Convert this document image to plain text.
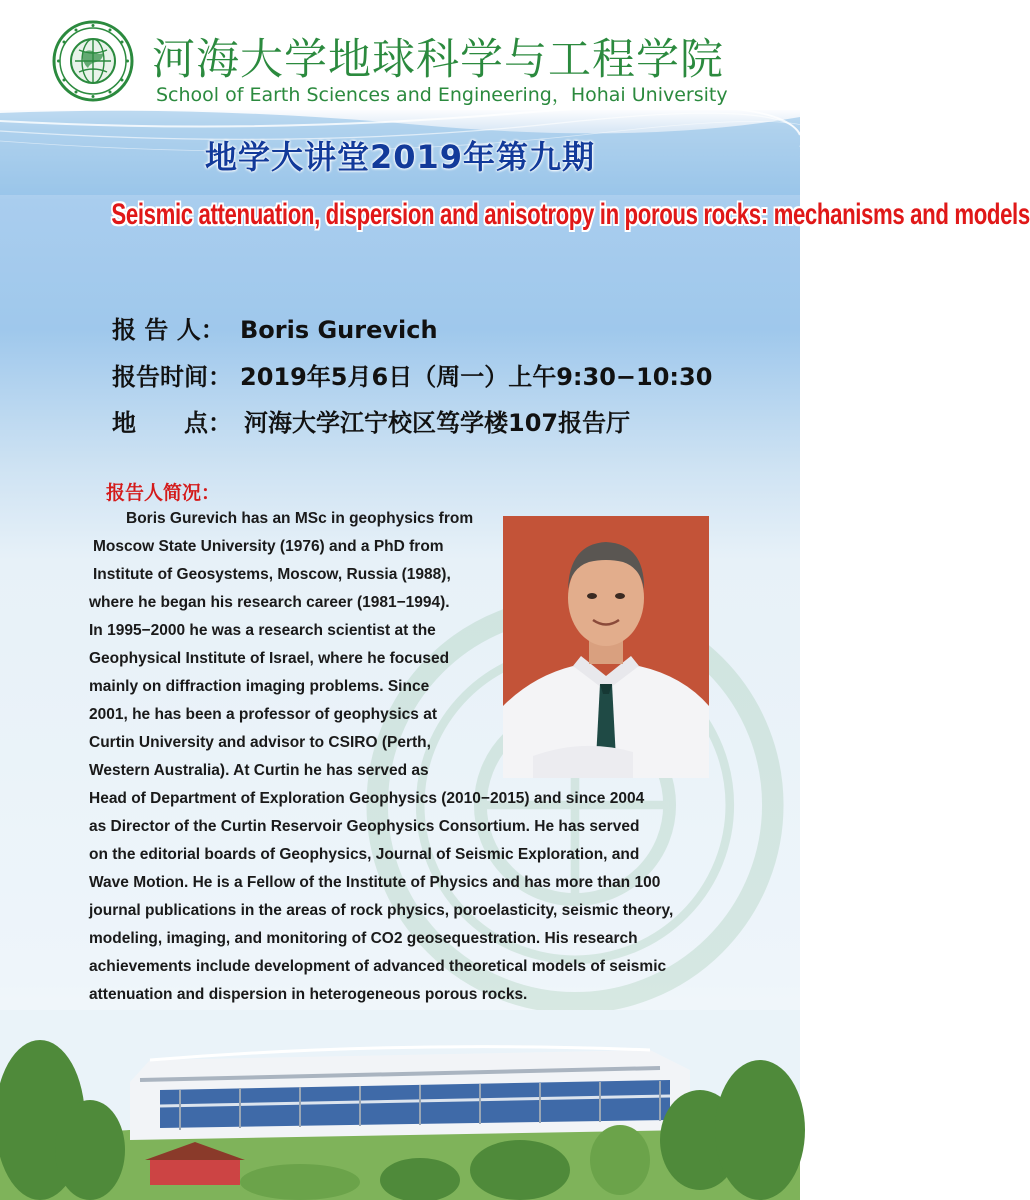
河海大学地球科学与工程学院
School of Earth Sciences and Engineering，Hohai University
地学大讲堂2019年第九期
Seismic attenuation, dispersion and anisotropy in porous rocks: mechanisms and models
报 告 人： Boris Gurevich
报告时间： 2019年5月6日（周一）上午9:30−10:30
地　　点： 河海大学江宁校区笃学楼107报告厅
报告人简况：
Boris Gurevich has an MSc in geophysics from
Moscow State University (1976) and a PhD from
Institute of Geosystems, Moscow, Russia (1988),
where he began his research career (1981−1994).
In 1995−2000 he was a research scientist at the
Geophysical Institute of Israel, where he focused
mainly on diffraction imaging problems. Since
2001, he has been a professor of geophysics at
Curtin University and advisor to CSIRO (Perth,
Western Australia). At Curtin he has served as
Head of Department of Exploration Geophysics (2010−2015) and since 2004
as Director of the Curtin Reservoir Geophysics Consortium. He has served
on the editorial boards of Geophysics, Journal of Seismic Exploration, and
Wave Motion. He is a Fellow of the Institute of Physics and has more than 100
journal publications in the areas of rock physics, poroelasticity, seismic theory,
modeling, imaging, and monitoring of CO2 geosequestration. His research
achievements include development of advanced theoretical models of seismic
attenuation and dispersion in heterogeneous porous rocks.
